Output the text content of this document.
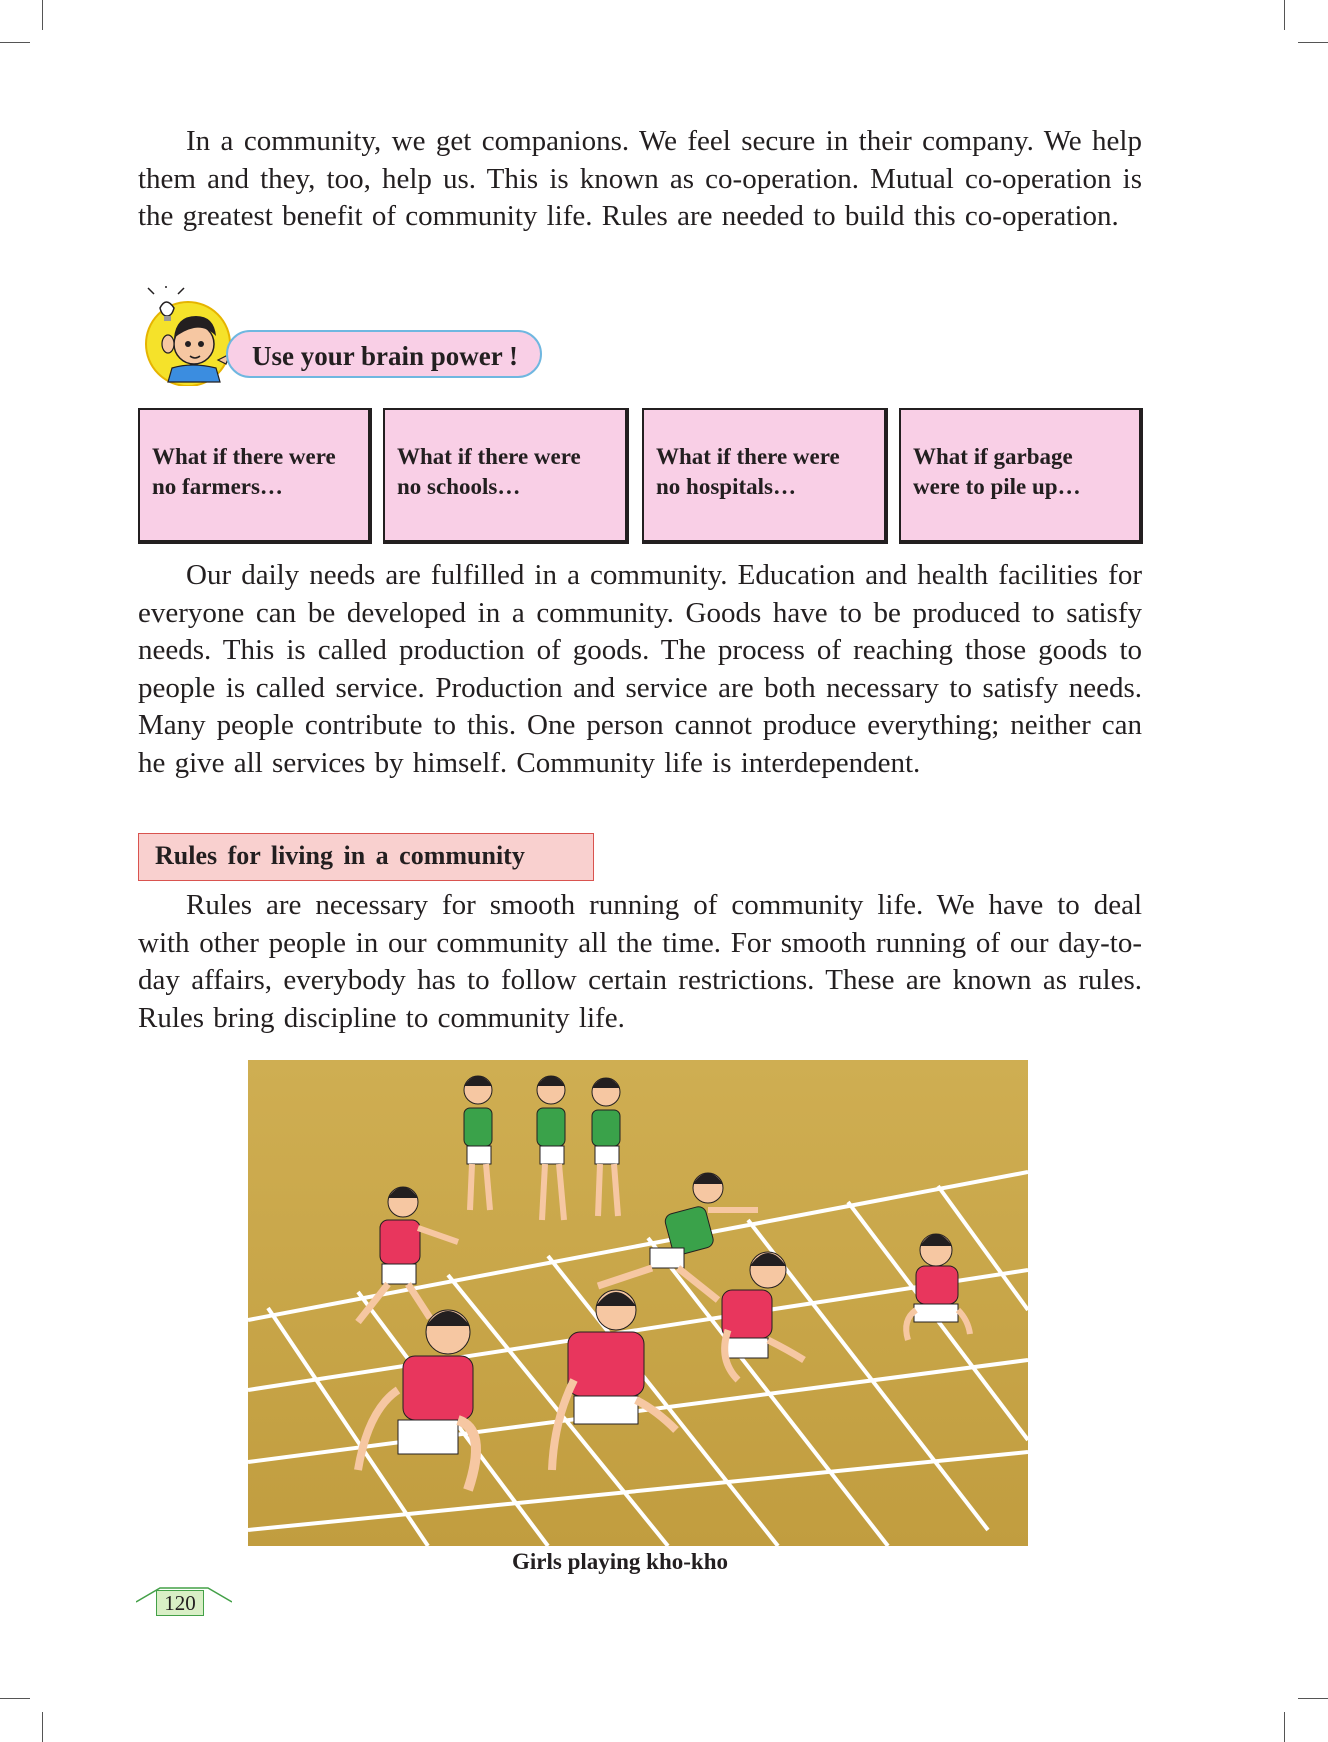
In a community, we get companions. We feel secure in their company. We help them and they, too, help us. This is known as co-operation. Mutual co-operation is the greatest benefit of community life. Rules are needed to build this co-operation.

Use your brain power !
What if there were
no farmers…
What if there were
no schools…
What if there were
no hospitals…
What if garbage
were to pile up…

Our daily needs are fulfilled in a community. Education and health facilities for everyone can be developed in a community. Goods have to be produced to satisfy needs. This is called production of goods. The process of reaching those goods to people is called service. Production and service are both necessary to satisfy needs. Many people contribute to this. One person cannot produce everything; neither can he give all services by himself. Community life is interdependent.

Rules for living in a community

Rules are necessary for smooth running of community life. We have to deal with other people in our community all the time. For smooth running of our day-to-day affairs, everybody has to follow certain restrictions. These are known as rules. Rules bring discipline to community life.

Girls playing kho-kho
120
